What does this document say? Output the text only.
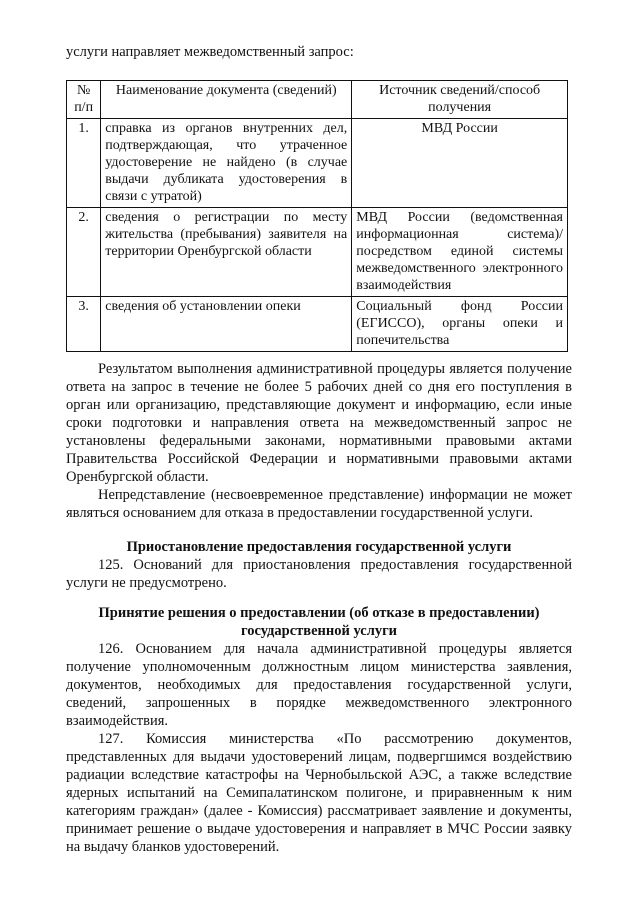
услуги направляет межведомственный запрос:
№ п/п	Наименование документа (сведений)	Источник сведений/способ получения
1.	справка из органов внутренних дел, подтверждающая, что утраченное удостоверение не найдено (в случае выдачи дубликата удостоверения в связи с утратой)	МВД России
2.	сведения о регистрации по месту жительства (пребывания) заявителя на территории Оренбургской области	МВД России (ведомственная информационная система)/ посредством единой системы межведомственного электронного взаимодействия
3.	сведения об установлении опеки	Социальный фонд России (ЕГИССО), органы опеки и попечительства

Результатом выполнения административной процедуры является получение ответа на запрос в течение не более 5 рабочих дней со дня его поступления в орган или организацию, представляющие документ и информацию, если иные сроки подготовки и направления ответа на межведомственный запрос не установлены федеральными законами, нормативными правовыми актами Правительства Российской Федерации и нормативными правовыми актами Оренбургской области.

Непредставление (несвоевременное представление) информации не может являться основанием для отказа в предоставлении государственной услуги.

Приостановление предоставления государственной услуги

125. Оснований для приостановления предоставления государственной услуги не предусмотрено.

Принятие решения о предоставлении (об отказе в предоставлении) государственной услуги

126. Основанием для начала административной процедуры является получение уполномоченным должностным лицом министерства заявления, документов, необходимых для предоставления государственной услуги, сведений, запрошенных в порядке межведомственного электронного взаимодействия.

127. Комиссия министерства «По рассмотрению документов, представленных для выдачи удостоверений лицам, подвергшимся воздействию радиации вследствие катастрофы на Чернобыльской АЭС, а также вследствие ядерных испытаний на Семипалатинском полигоне, и приравненным к ним категориям граждан» (далее - Комиссия) рассматривает заявление и документы, принимает решение о выдаче удостоверения и направляет в МЧС России заявку на выдачу бланков удостоверений.
